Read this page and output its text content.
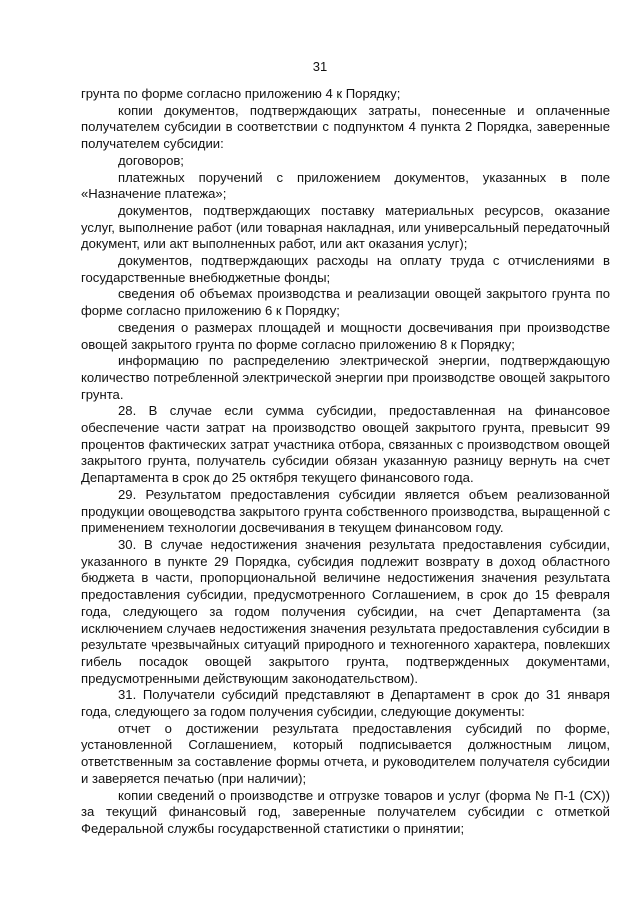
31

грунта по форме согласно приложению 4 к Порядку;

копии документов, подтверждающих затраты, понесенные и оплаченные получателем субсидии в соответствии с подпунктом 4 пункта 2 Порядка, заверенные получателем субсидии:

договоров;

платежных поручений с приложением документов, указанных в поле «Назначение платежа»;

документов, подтверждающих поставку материальных ресурсов, оказание услуг, выполнение работ (или товарная накладная, или универсальный передаточный документ, или акт выполненных работ, или акт оказания услуг);

документов, подтверждающих расходы на оплату труда с отчислениями в государственные внебюджетные фонды;

сведения об объемах производства и реализации овощей закрытого грунта по форме согласно приложению 6 к Порядку;

сведения о размерах площадей и мощности досвечивания при производстве овощей закрытого грунта по форме согласно приложению 8 к Порядку;

информацию по распределению электрической энергии, подтверждающую количество потребленной электрической энергии при производстве овощей закрытого грунта.

28. В случае если сумма субсидии, предоставленная на финансовое обеспечение части затрат на производство овощей закрытого грунта, превысит 99 процентов фактических затрат участника отбора, связанных с производством овощей закрытого грунта, получатель субсидии обязан указанную разницу вернуть на счет Департамента в срок до 25 октября текущего финансового года.

29. Результатом предоставления субсидии является объем реализованной продукции овощеводства закрытого грунта собственного производства, выращенной с применением технологии досвечивания в текущем финансовом году.

30. В случае недостижения значения результата предоставления субсидии, указанного в пункте 29 Порядка, субсидия подлежит возврату в доход областного бюджета в части, пропорциональной величине недостижения значения результата предоставления субсидии, предусмотренного Соглашением, в срок до 15 февраля года, следующего за годом получения субсидии, на счет Департамента (за исключением случаев недостижения значения результата предоставления субсидии в результате чрезвычайных ситуаций природного и техногенного характера, повлекших гибель посадок овощей закрытого грунта, подтвержденных документами, предусмотренными действующим законодательством).

31. Получатели субсидий представляют в Департамент в срок до 31 января года, следующего за годом получения субсидии, следующие документы:

отчет о достижении результата предоставления субсидий по форме, установленной Соглашением, который подписывается должностным лицом, ответственным за составление формы отчета, и руководителем получателя субсидии и заверяется печатью (при наличии);

копии сведений о производстве и отгрузке товаров и услуг (форма № П-1 (СХ)) за текущий финансовый год, заверенные получателем субсидии с отметкой Федеральной службы государственной статистики о принятии;
